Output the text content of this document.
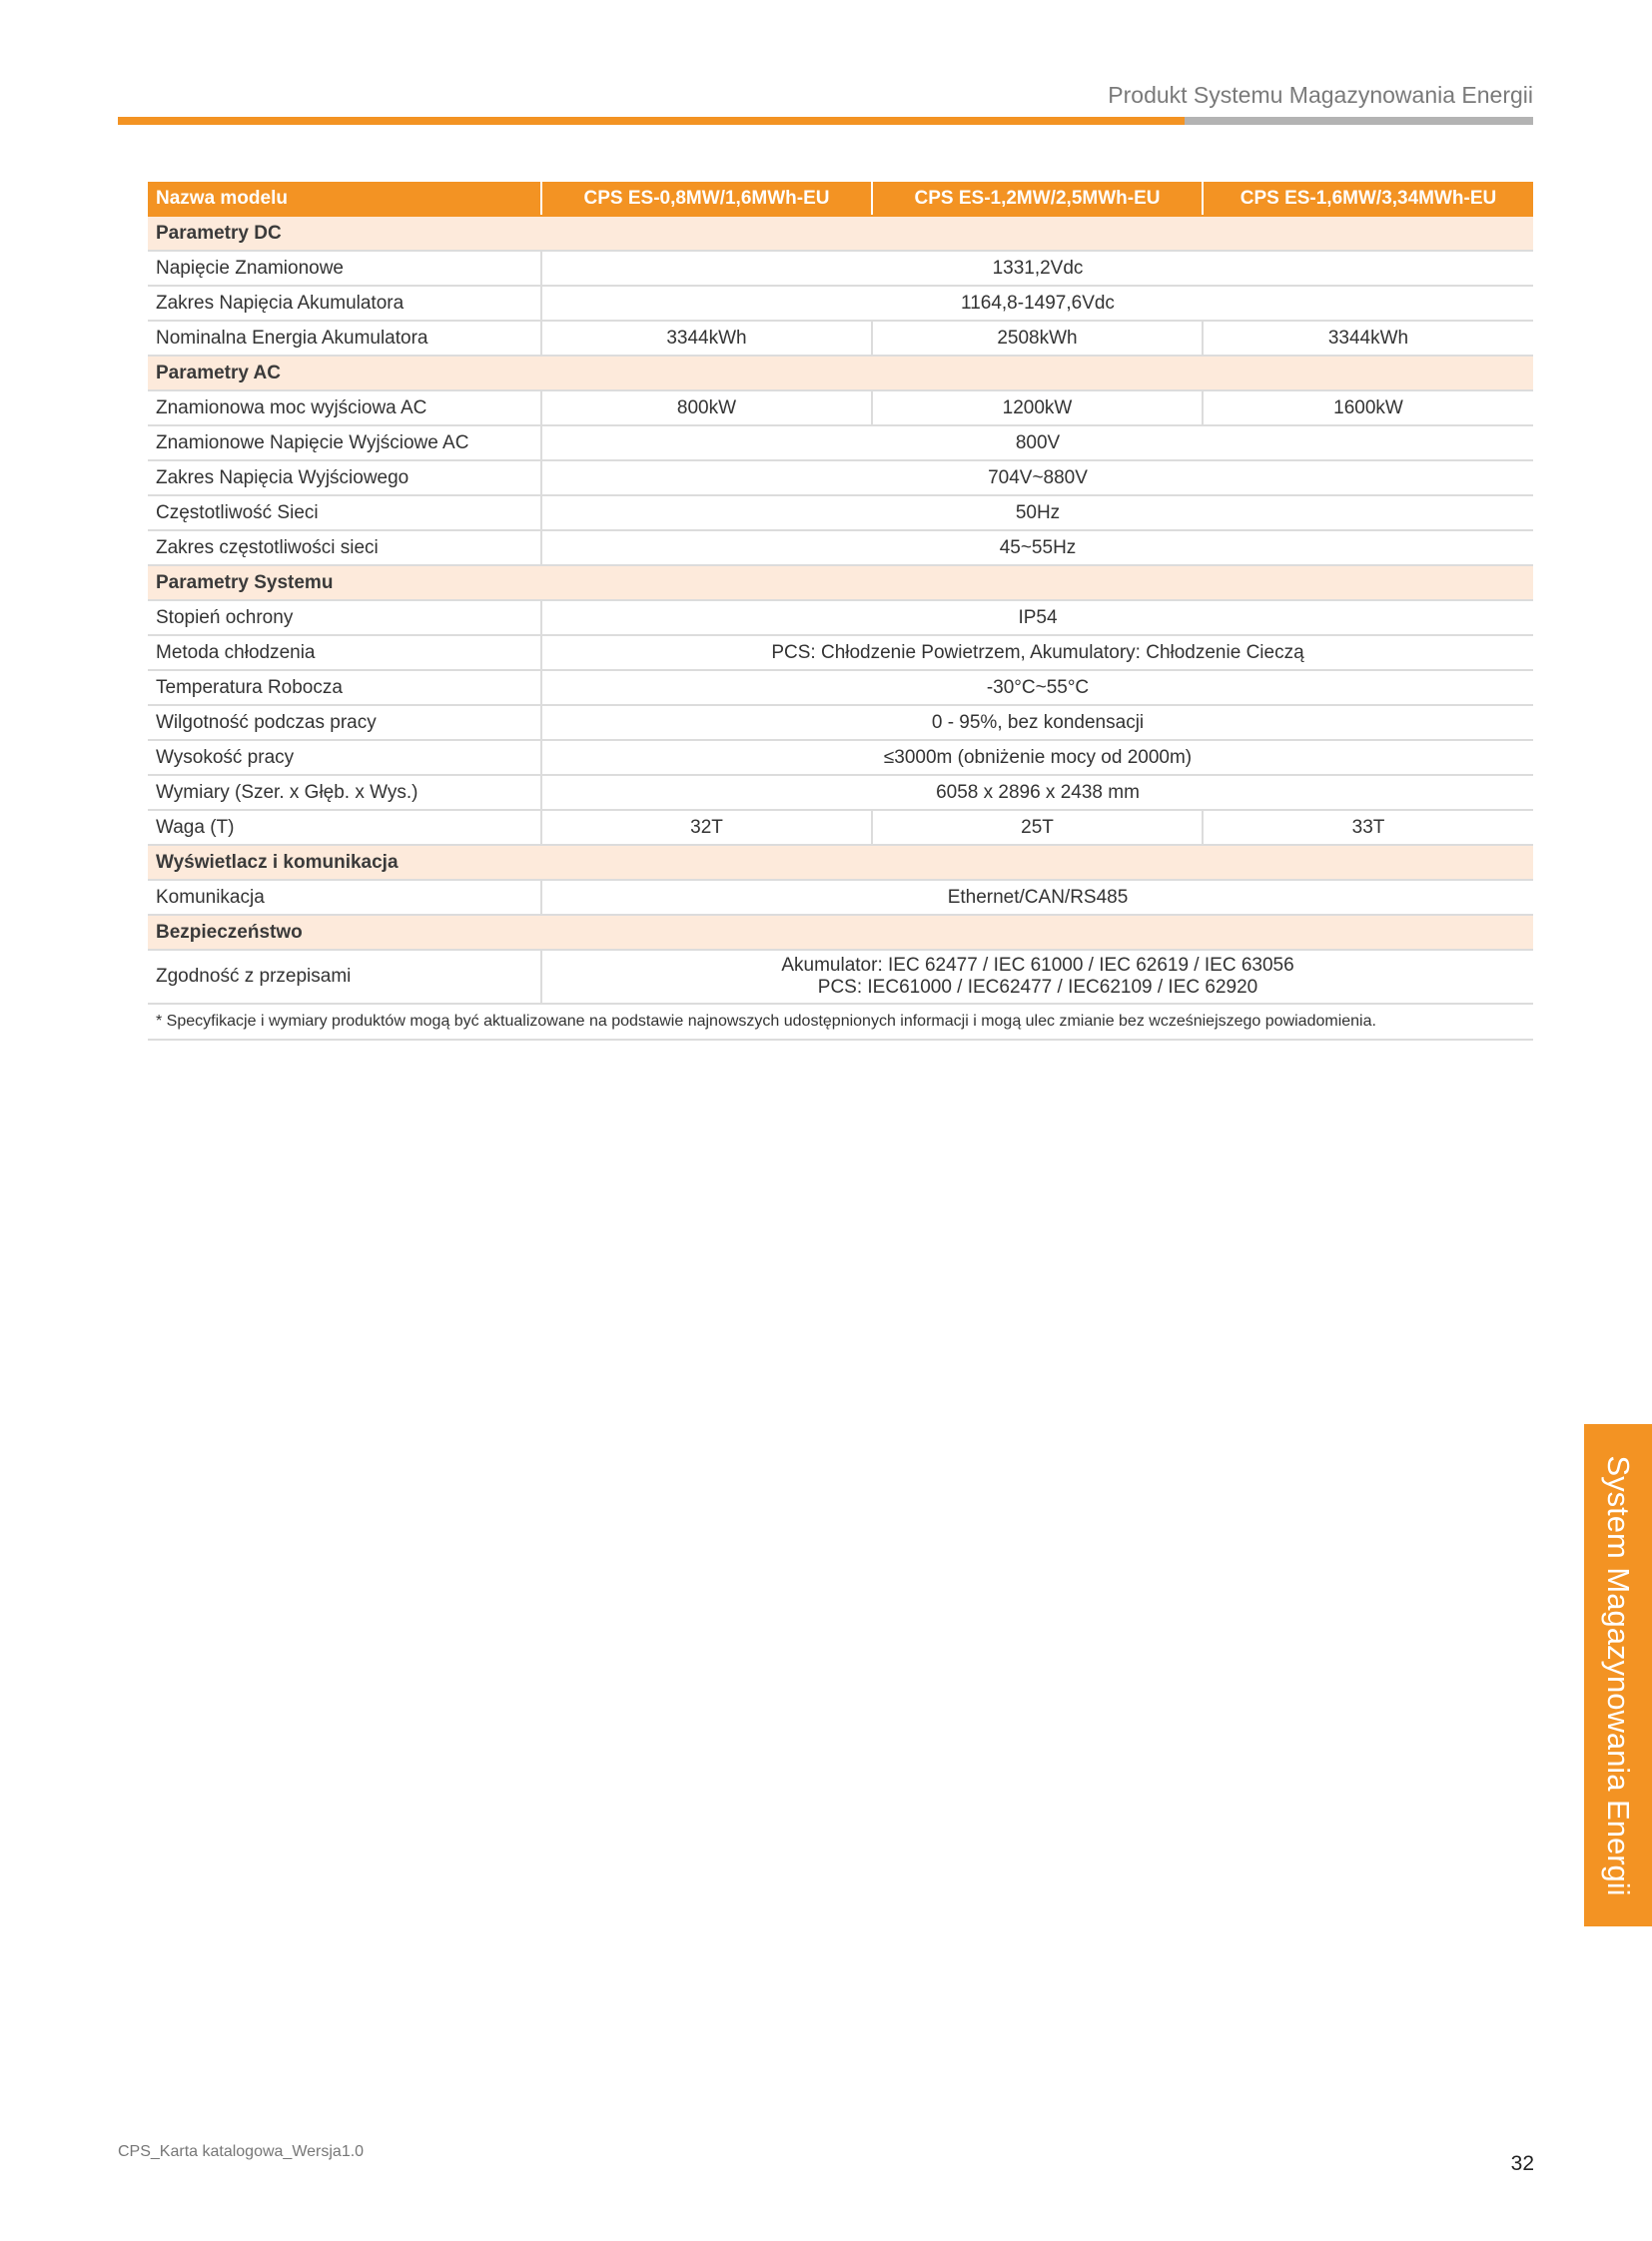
Produkt Systemu Magazynowania Energii
Nazwa modelu	CPS ES-0,8MW/1,6MWh-EU	CPS ES-1,2MW/2,5MWh-EU	CPS ES-1,6MW/3,34MWh-EU
Parametry DC			
Napięcie Znamionowe	1331,2Vdc		
Zakres Napięcia Akumulatora	1164,8-1497,6Vdc		
Nominalna Energia Akumulatora	3344kWh	2508kWh	3344kWh
Parametry AC			
Znamionowa moc wyjściowa AC	800kW	1200kW	1600kW
Znamionowe Napięcie Wyjściowe AC	800V		
Zakres Napięcia Wyjściowego	704V~880V		
Częstotliwość Sieci	50Hz		
Zakres częstotliwości sieci	45~55Hz		
Parametry Systemu			
Stopień ochrony	IP54		
Metoda chłodzenia	PCS: Chłodzenie Powietrzem, Akumulatory: Chłodzenie Cieczą		
Temperatura Robocza	-30°C~55°C		
Wilgotność podczas pracy	0 - 95%, bez kondensacji		
Wysokość pracy	≤3000m (obniżenie mocy od 2000m)		
Wymiary (Szer. x Głęb. x Wys.)	6058 x 2896 x 2438 mm		
Waga (T)	32T	25T	33T
Wyświetlacz i komunikacja			
Komunikacja	Ethernet/CAN/RS485		
Bezpieczeństwo			
Zgodność z przepisami	Akumulator: IEC 62477 / IEC 61000 / IEC 62619 / IEC 63056
PCS: IEC61000 / IEC62477 / IEC62109 / IEC 62920		

* Specyfikacje i wymiary produktów mogą być aktualizowane na podstawie najnowszych udostępnionych informacji i mogą ulec zmianie bez wcześniejszego powiadomienia.			
CPS_Karta katalogowa_Wersja1.0
32
System Magazynowania Energii
